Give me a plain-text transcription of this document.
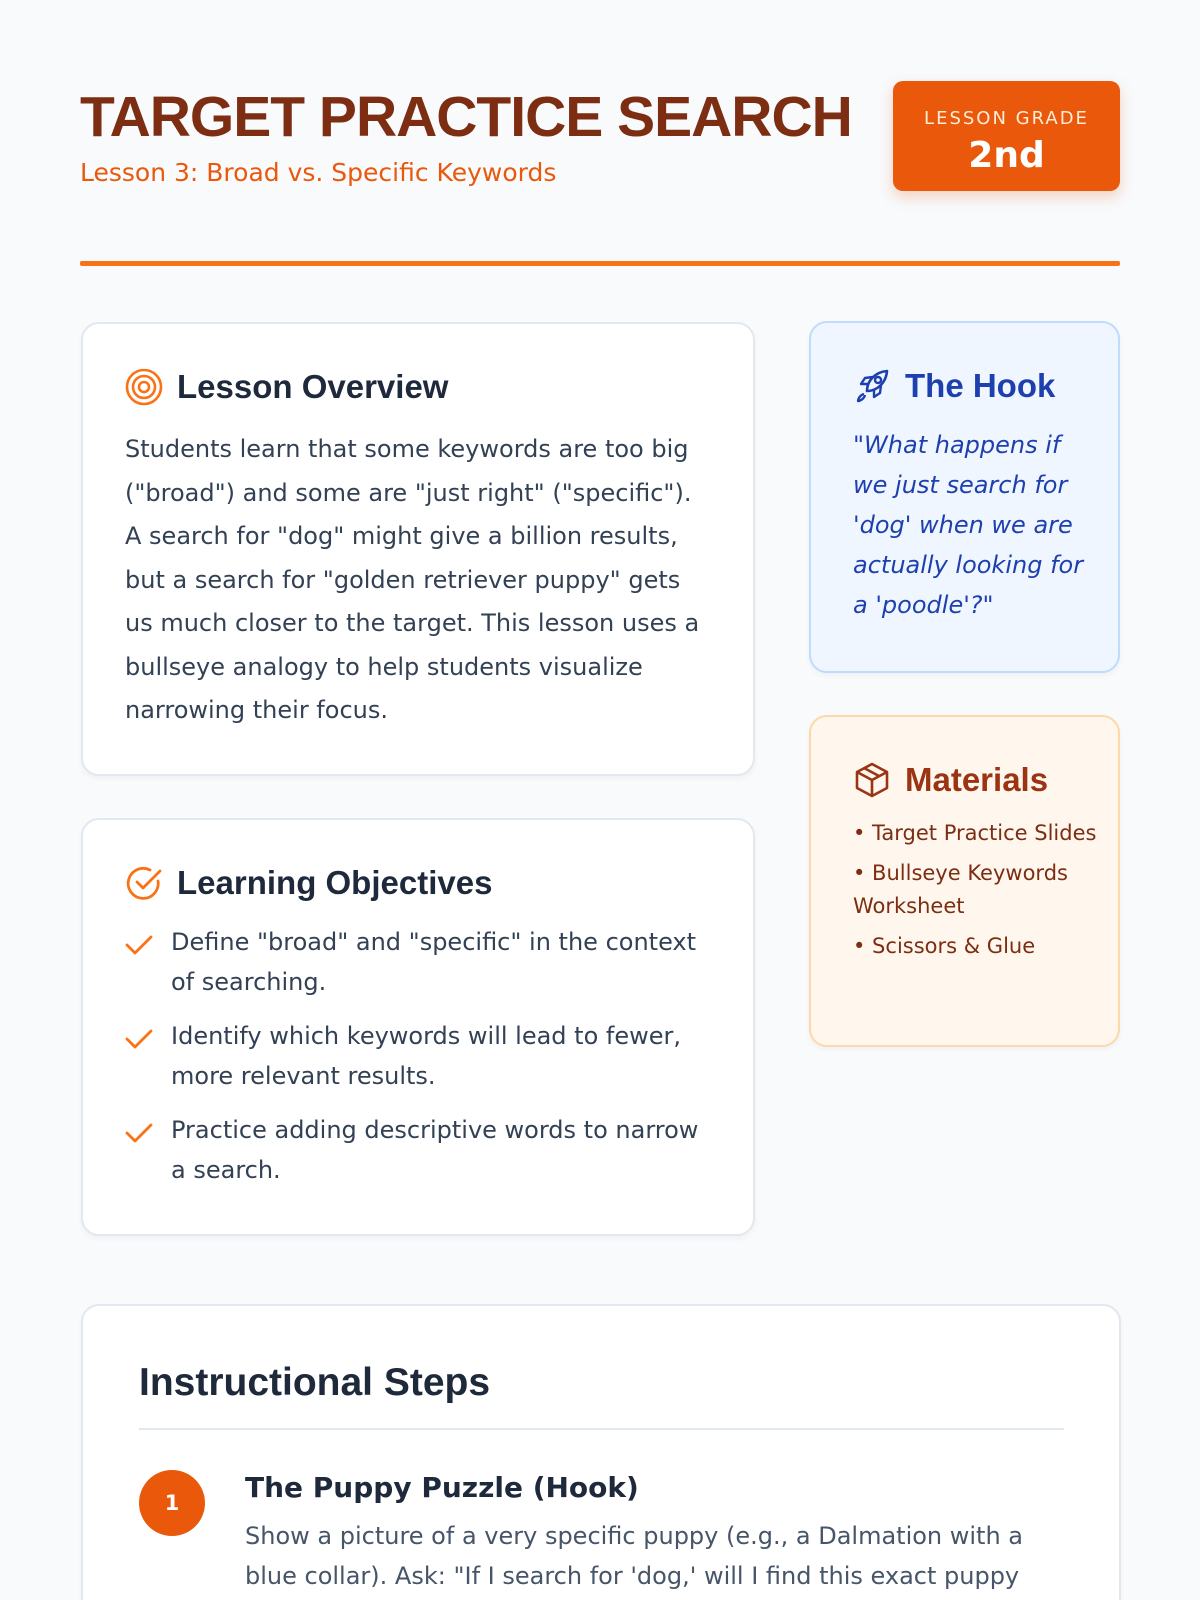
TARGET PRACTICE SEARCH
Lesson 3: Broad vs. Specific Keywords
LESSON GRADE
2nd
Lesson Overview

Students learn that some keywords are too big ("broad") and some are "just right" ("specific"). A search for "dog" might give a billion results, but a search for "golden retriever puppy" gets us much closer to the target. This lesson uses a bullseye analogy to help students visualize narrowing their focus.

Learning Objectives
Define "broad" and "specific" in the context of searching.
Identify which keywords will lead to fewer, more relevant results.
Practice adding descriptive words to narrow a search.
The Hook

"What happens if we just search for 'dog' when we are actually looking for a 'poodle'?"

Materials
• Target Practice Slides
• Bullseye Keywords Worksheet
• Scissors & Glue
Instructional Steps
1	The Puppy Puzzle (Hook)
Show a picture of a very specific puppy (e.g., a Dalmation with a blue collar). Ask: "If I search for 'dog,' will I find this exact puppy
